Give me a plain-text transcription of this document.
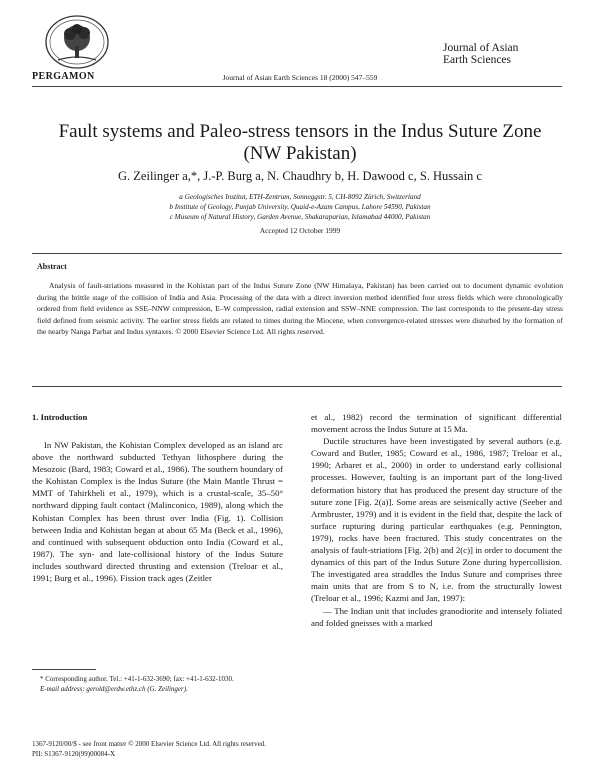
PERGAMON	Journal of Asian Earth Sciences 18 (2000) 547–559
Journal of Asian
Earth Sciences
Fault systems and Paleo-stress tensors in the Indus Suture Zone
(NW Pakistan)
G. Zeilinger a,*, J.-P. Burg a, N. Chaudhry b, H. Dawood c, S. Hussain c
a Geologisches Institut, ETH-Zentrum, Sonneggstr. 5, CH-8092 Zürich, Switzerland
b Institute of Geology, Punjab University, Quaid-e-Azam Campus, Lahore 54590, Pakistan
c Museum of Natural History, Garden Avenue, Shakaraparian, Islamabad 44000, Pakistan
Accepted 12 October 1999
Abstract
Analysis of fault-striations measured in the Kohistan part of the Indus Suture Zone (NW Himalaya, Pakistan) has been carried out to document dynamic evolution during the brittle stage of the collision of India and Asia. Processing of the data with a direct inversion method identified four stress fields which were chronologically ordered from field evidence as SSE–NNW compression, E–W compression, radial extension and SSW–NNE compression. The last corresponds to the present-day stress field defined from seismic activity. The earlier stress fields are related to times during the Miocene, when convergence-related stresses were disturbed by the formation of the nearby Nanga Parbat and Indus syntaxes. © 2000 Elsevier Science Ltd. All rights reserved.
1. Introduction

In NW Pakistan, the Kohistan Complex developed as an island arc above the northward subducted Tethyan lithosphere during the Mesozoic (Bard, 1983; Coward et al., 1986). The southern boundary of the Kohistan Complex is the Indus Suture (the Main Mantle Thrust = MMT of Tahirkheli et al., 1979), which is a crustal-scale, 35–50° northward dipping fault contact (Malinconico, 1989), along which the Kohistan Complex has been thrust over India (Fig. 1). Collision between India and Kohistan began at about 65 Ma (Beck et al., 1996), and continued with subsequent obduction onto India (Coward et al., 1987). The syn- and late-collisional history of the Indus Suture includes southward directed thrusting and extension (Treloar et al., 1991; Burg et al., 1996). Fission track ages (Zeitler

* Corresponding author. Tel.: +41-1-632-3690; fax: +41-1-632-1030.

E-mail address: gerold@erdw.ethz.ch (G. Zeilinger).

et al., 1982) record the termination of significant differential movement across the Indus Suture at 15 Ma.

Ductile structures have been investigated by several authors (e.g. Coward and Butler, 1985; Coward et al., 1986, 1987; Treloar et al., 1990; Arbaret et al., 2000) in order to understand early collisional processes. However, faulting is an important part of the long-lived deformation history that has produced the present day structure of the suture zone [Fig. 2(a)]. Some areas are seismically active (Seeber and Armbruster, 1979) and it is evident in the field that, despite the lack of surface rupturing during particular earthquakes (e.g. Pennington, 1979), rocks have been fractured. This study concentrates on the analysis of fault-striations [Fig. 2(b) and 2(c)] in order to document the dynamics of this part of the Indus Suture Zone during hypercollision. The investigated area straddles the Indus Suture and comprises three main units that are from S to N, i.e. from the structurally lowest (Treloar et al., 1996; Kazmi and Jan, 1997):

— The Indian unit that includes granodiorite and intensely foliated and folded gneisses with a marked

1367-9120/00/$ - see front matter © 2000 Elsevier Science Ltd. All rights reserved.
PII: S1367-9120(99)00084-X
